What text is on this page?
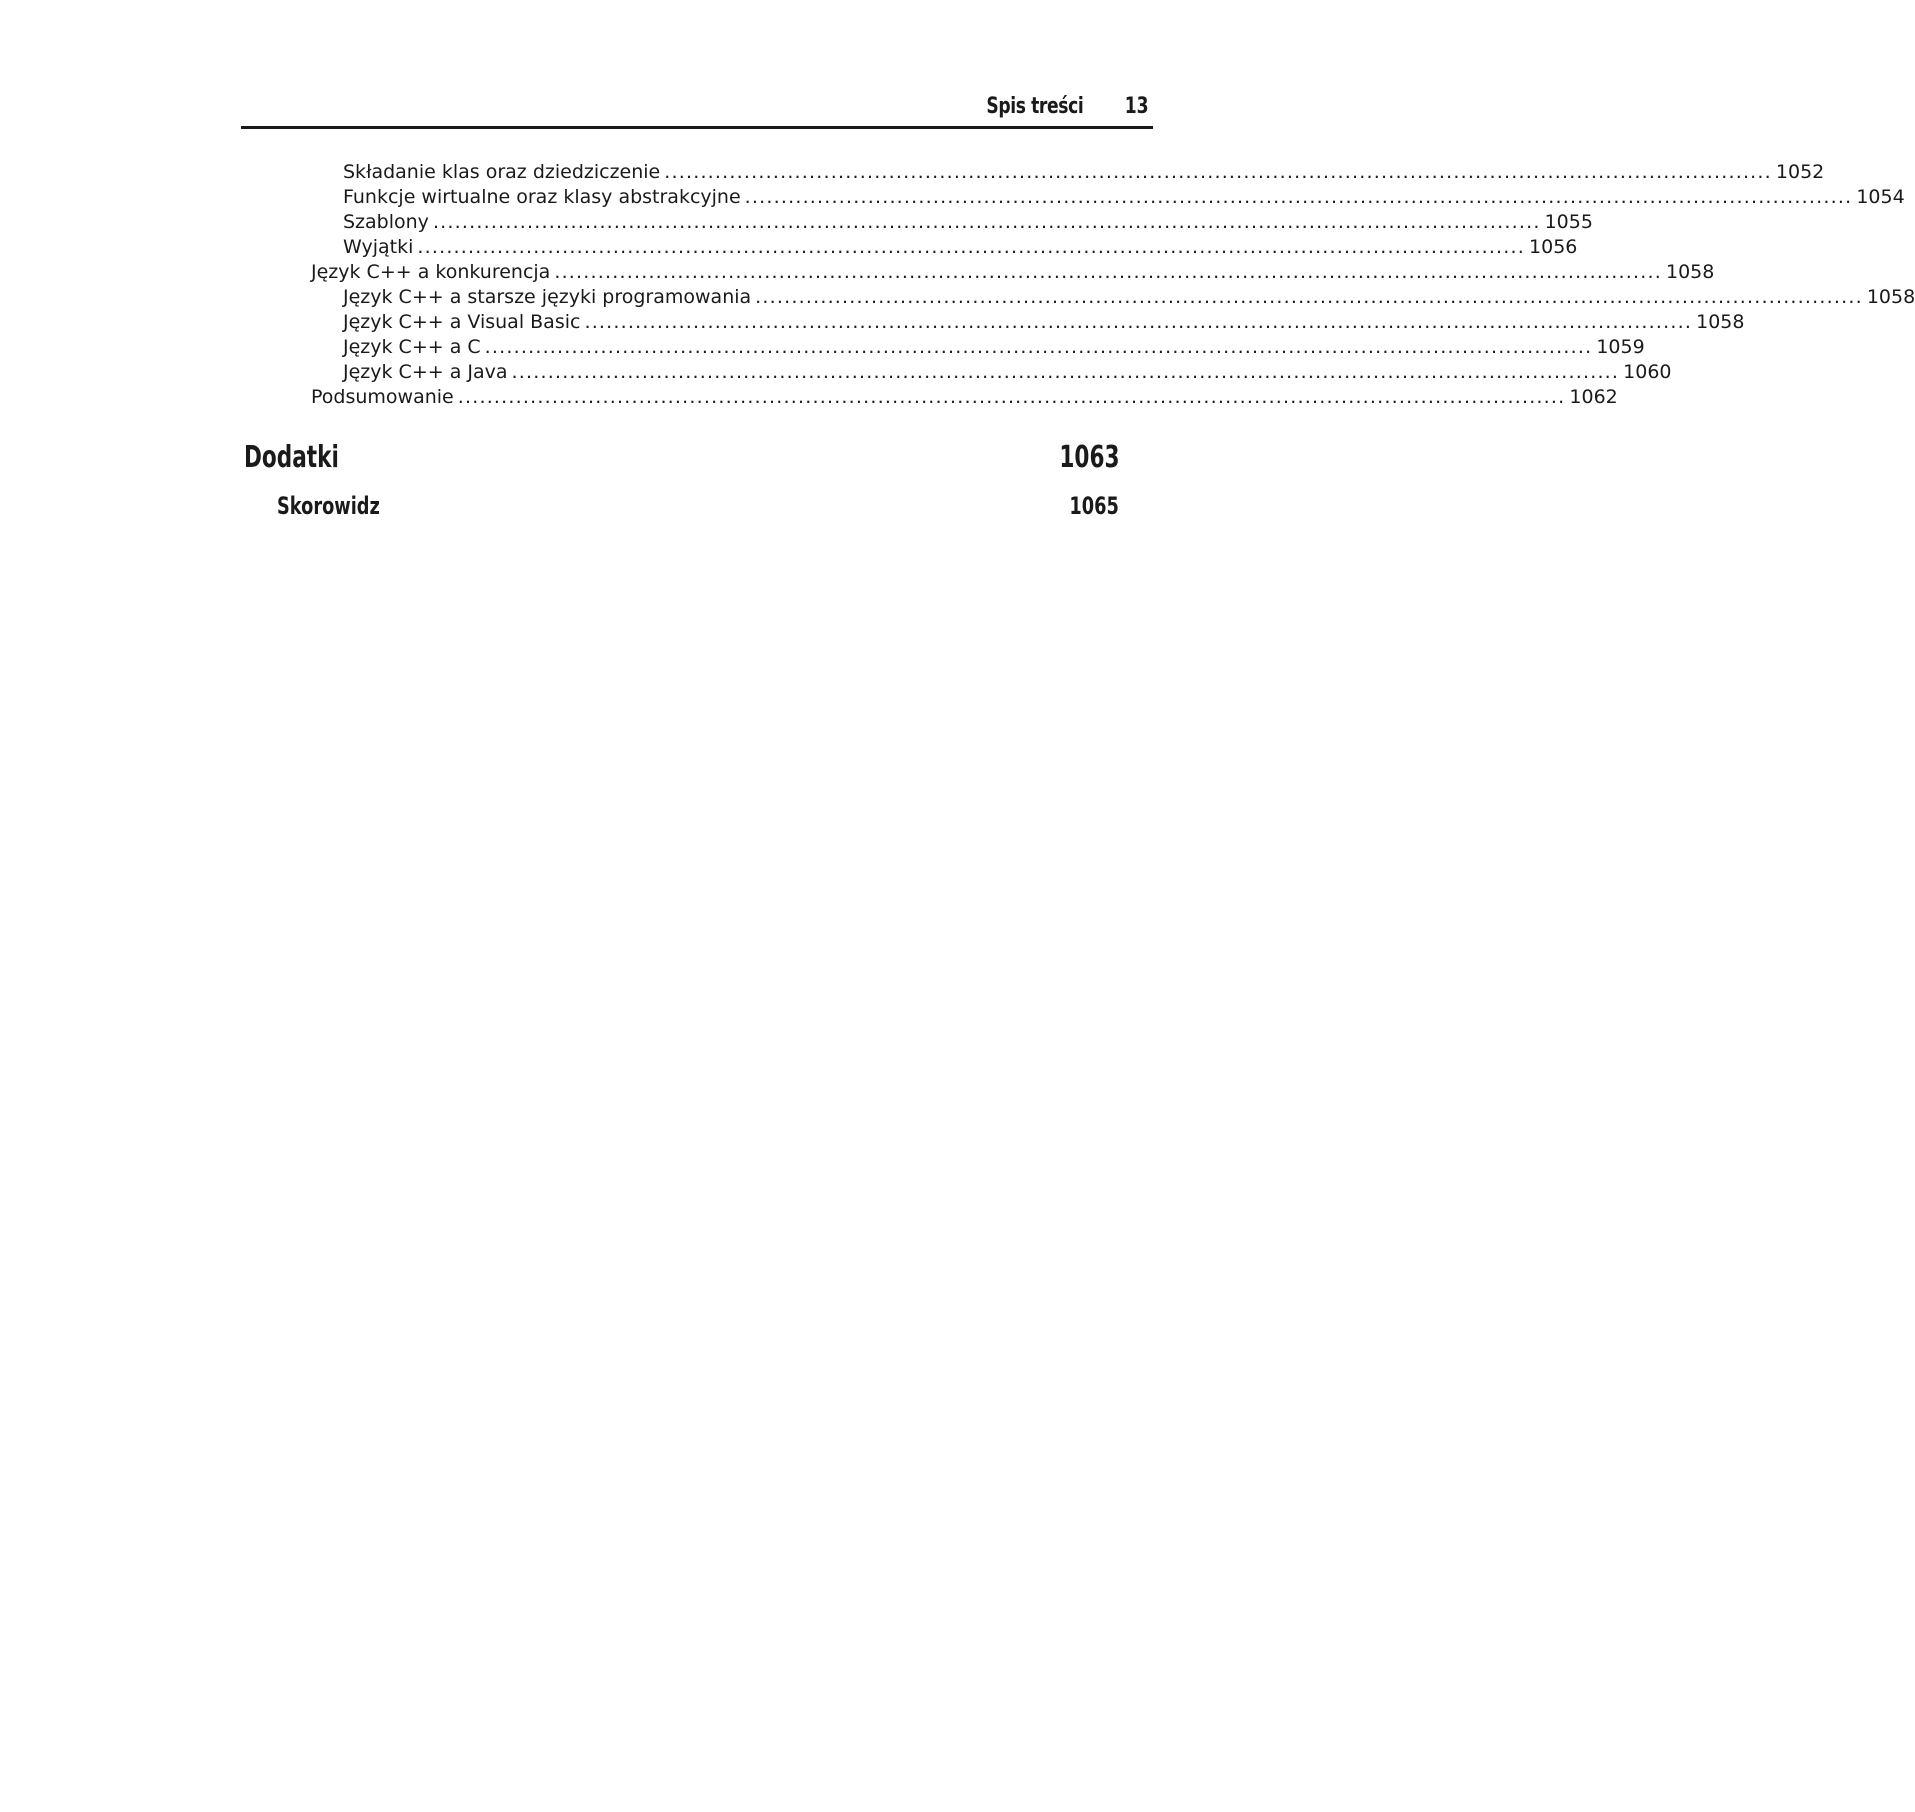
Spis treści 13
Składanie klas oraz dziedziczenie ......................................................................................................................................................... 1052
Funkcje wirtualne oraz klasy abstrakcyjne ......................................................................................................................................................... 1054
Szablony ......................................................................................................................................................... 1055
Wyjątki ......................................................................................................................................................... 1056
Język C++ a konkurencja ......................................................................................................................................................... 1058
Język C++ a starsze języki programowania ......................................................................................................................................................... 1058
Język C++ a Visual Basic ......................................................................................................................................................... 1058
Język C++ a C ......................................................................................................................................................... 1059
Język C++ a Java ......................................................................................................................................................... 1060
Podsumowanie ......................................................................................................................................................... 1062
Dodatki	1063
Skorowidz	1065
